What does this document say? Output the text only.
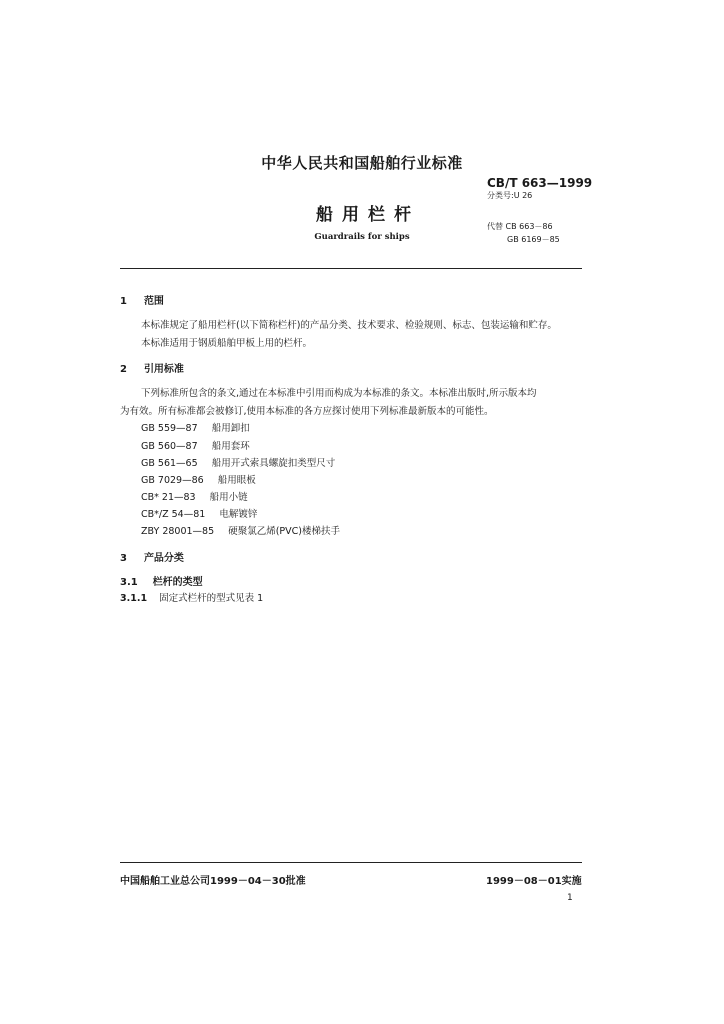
中华人民共和国船舶行业标准
CB/T 663—1999
分类号:U 26
船用栏杆
代替 CB 663－86
GB 6169－85
Guardrails for ships
1 范围
本标准规定了船用栏杆(以下简称栏杆)的产品分类、技术要求、检验规则、标志、包装运输和贮存。
本标准适用于钢质船舶甲板上用的栏杆。
2 引用标准
下列标准所包含的条文,通过在本标准中引用而构成为本标准的条文。本标准出版时,所示版本均
为有效。所有标准都会被修订,使用本标准的各方应探讨使用下列标准最新版本的可能性。
GB 559—87 船用卸扣
GB 560—87 船用套环
GB 561—65 船用开式索具螺旋扣类型尺寸
GB 7029—86 船用眼板
CB* 21—83 船用小链
CB*/Z 54—81 电解镀锌
ZBY 28001—85 硬聚氯乙烯(PVC)楼梯扶手
3 产品分类
3.1 栏杆的类型
3.1.1 固定式栏杆的型式见表 1
中国船舶工业总公司1999－04－30批准	1999－08－01实施
1
